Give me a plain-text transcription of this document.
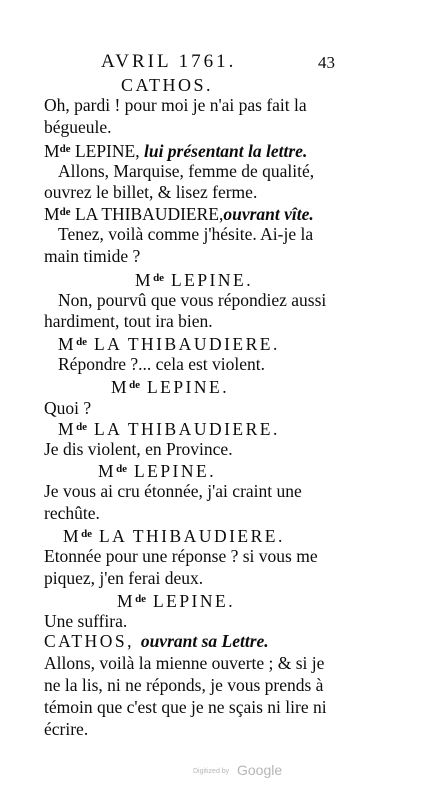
AVRIL 1761.	43
CATHOS.
Oh, pardi ! pour moi je n'ai pas fait la
bégueule.
Mde LEPINE, lui présentant la lettre.
Allons, Marquise, femme de qualité,
ouvrez le billet, & lisez ferme.
Mde LA THIBAUDIERE,ouvrant vîte.
Tenez, voilà comme j'hésite. Ai-je la
main timide ?
Mde LEPINE.
Non, pourvû que vous répondiez aussi
hardiment, tout ira bien.
Mde LA THIBAUDIERE.
Répondre ?... cela est violent.
Mde LEPINE.
Quoi ?
Mde LA THIBAUDIERE.
Je dis violent, en Province.
Mde LEPINE.
Je vous ai cru étonnée, j'ai craint une
rechûte.
Mde LA THIBAUDIERE.
Etonnée pour une réponse ? si vous me
piquez, j'en ferai deux.
Mde LEPINE.
Une suffira.
CATHOS, ouvrant sa Lettre.
Allons, voilà la mienne ouverte ; & si je
ne la lis, ni ne réponds, je vous prends à
témoin que c'est que je ne sçais ni lire ni
écrire.
Digitized by Google
